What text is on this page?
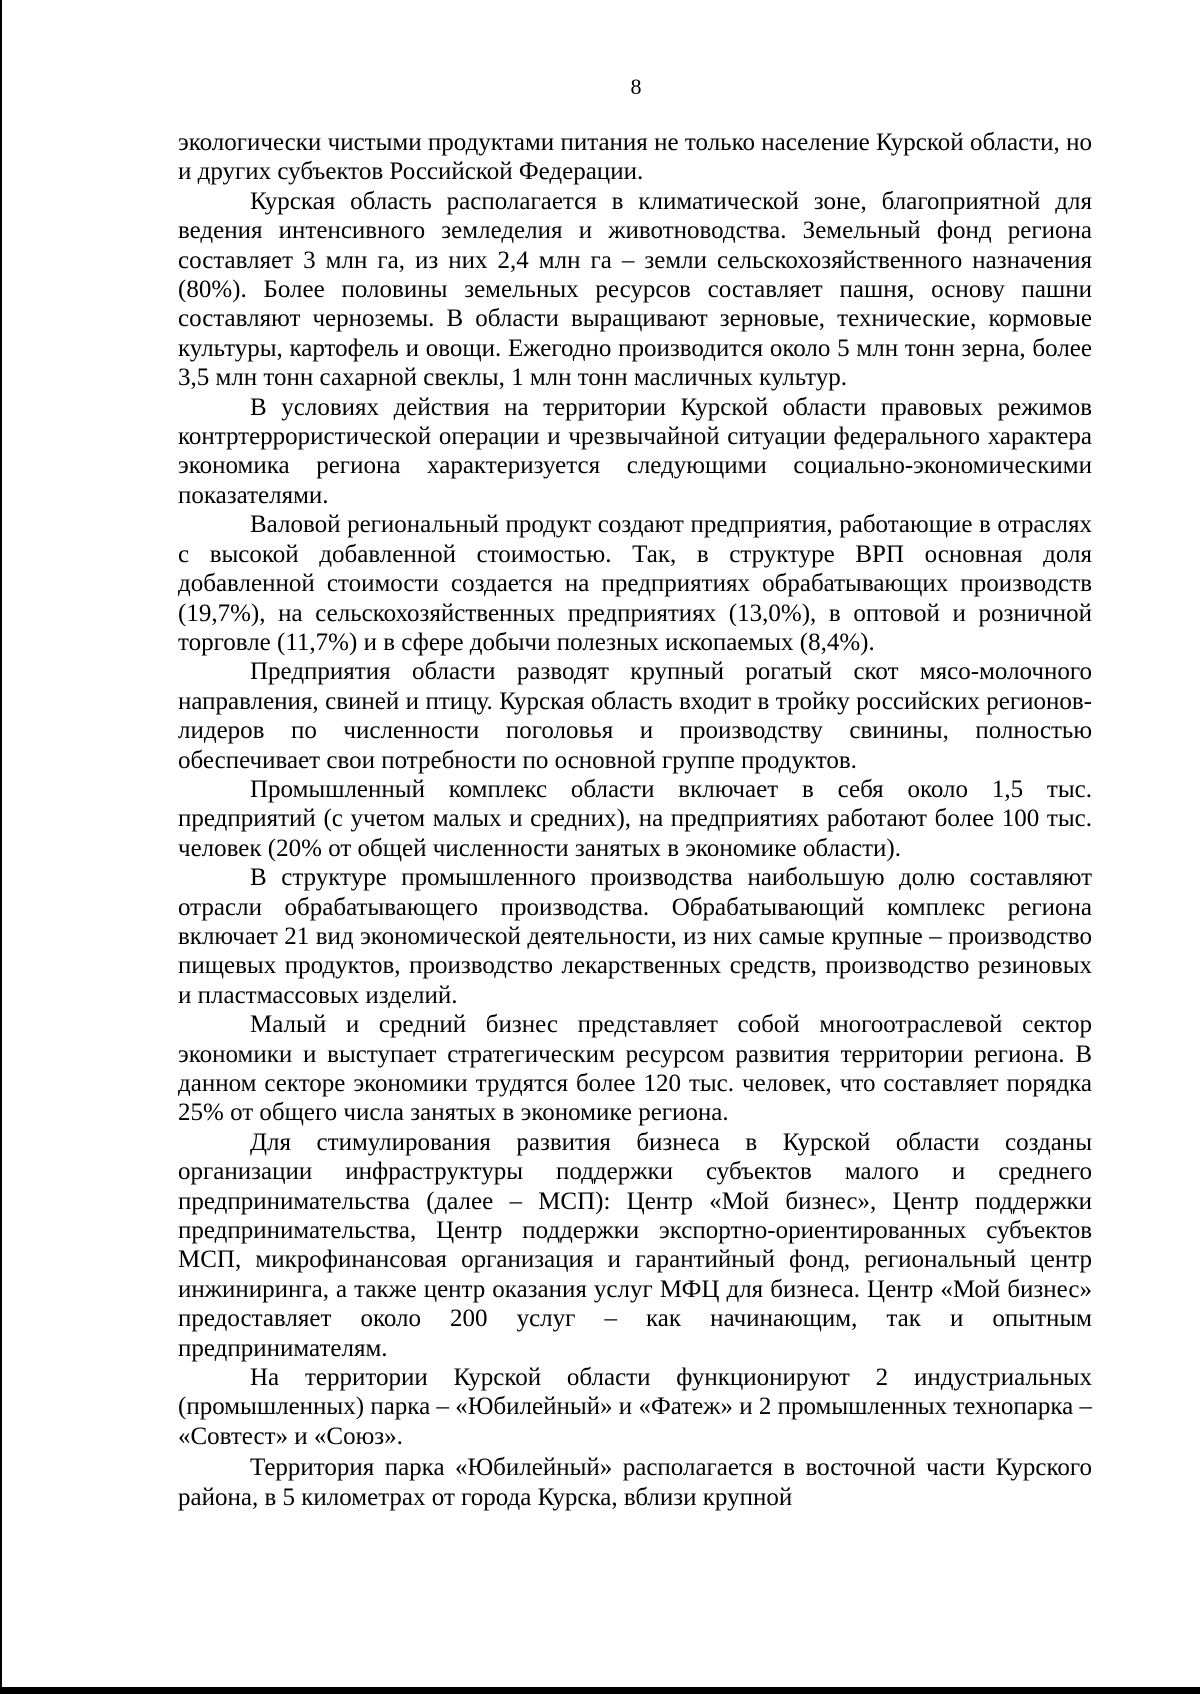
8

экологически чистыми продуктами питания не только население Курской области, но и других субъектов Российской Федерации.

Курская область располагается в климатической зоне, благоприятной для ведения интенсивного земледелия и животноводства. Земельный фонд региона составляет 3 млн га, из них 2,4 млн га – земли сельскохозяйственного назначения (80%). Более половины земельных ресурсов составляет пашня, основу пашни составляют черноземы. В области выращивают зерновые, технические, кормовые культуры, картофель и овощи. Ежегодно производится около 5 млн тонн зерна, более 3,5 млн тонн сахарной свеклы, 1 млн тонн масличных культур.

В условиях действия на территории Курской области правовых режимов контртеррористической операции и чрезвычайной ситуации федерального характера экономика региона характеризуется следующими социально-экономическими показателями.

Валовой региональный продукт создают предприятия, работающие в отраслях с высокой добавленной стоимостью. Так, в структуре ВРП основная доля добавленной стоимости создается на предприятиях обрабатывающих производств (19,7%), на сельскохозяйственных предприятиях (13,0%), в оптовой и розничной торговле (11,7%) и в сфере добычи полезных ископаемых (8,4%).

Предприятия области разводят крупный рогатый скот мясо-молочного направления, свиней и птицу. Курская область входит в тройку российских регионов-лидеров по численности поголовья и производству свинины, полностью обеспечивает свои потребности по основной группе продуктов.

Промышленный комплекс области включает в себя около 1,5 тыс. предприятий (с учетом малых и средних), на предприятиях работают более 100 тыс. человек (20% от общей численности занятых в экономике области).

В структуре промышленного производства наибольшую долю составляют отрасли обрабатывающего производства. Обрабатывающий комплекс региона включает 21 вид экономической деятельности, из них самые крупные – производство пищевых продуктов, производство лекарственных средств, производство резиновых и пластмассовых изделий.

Малый и средний бизнес представляет собой многоотраслевой сектор экономики и выступает стратегическим ресурсом развития территории региона. В данном секторе экономики трудятся более 120 тыс. человек, что составляет порядка 25% от общего числа занятых в экономике региона.

Для стимулирования развития бизнеса в Курской области созданы организации инфраструктуры поддержки субъектов малого и среднего предпринимательства (далее – МСП): Центр «Мой бизнес», Центр поддержки предпринимательства, Центр поддержки экспортно-ориентированных субъектов МСП, микрофинансовая организация и гарантийный фонд, региональный центр инжиниринга, а также центр оказания услуг МФЦ для бизнеса. Центр «Мой бизнес» предоставляет около 200 услуг – как начинающим, так и опытным предпринимателям.

На территории Курской области функционируют 2 индустриальных (промышленных) парка – «Юбилейный» и «Фатеж» и 2 промышленных технопарка – «Совтест» и «Союз».

Территория парка «Юбилейный» располагается в восточной части Курского района, в 5 километрах от города Курска, вблизи крупной
